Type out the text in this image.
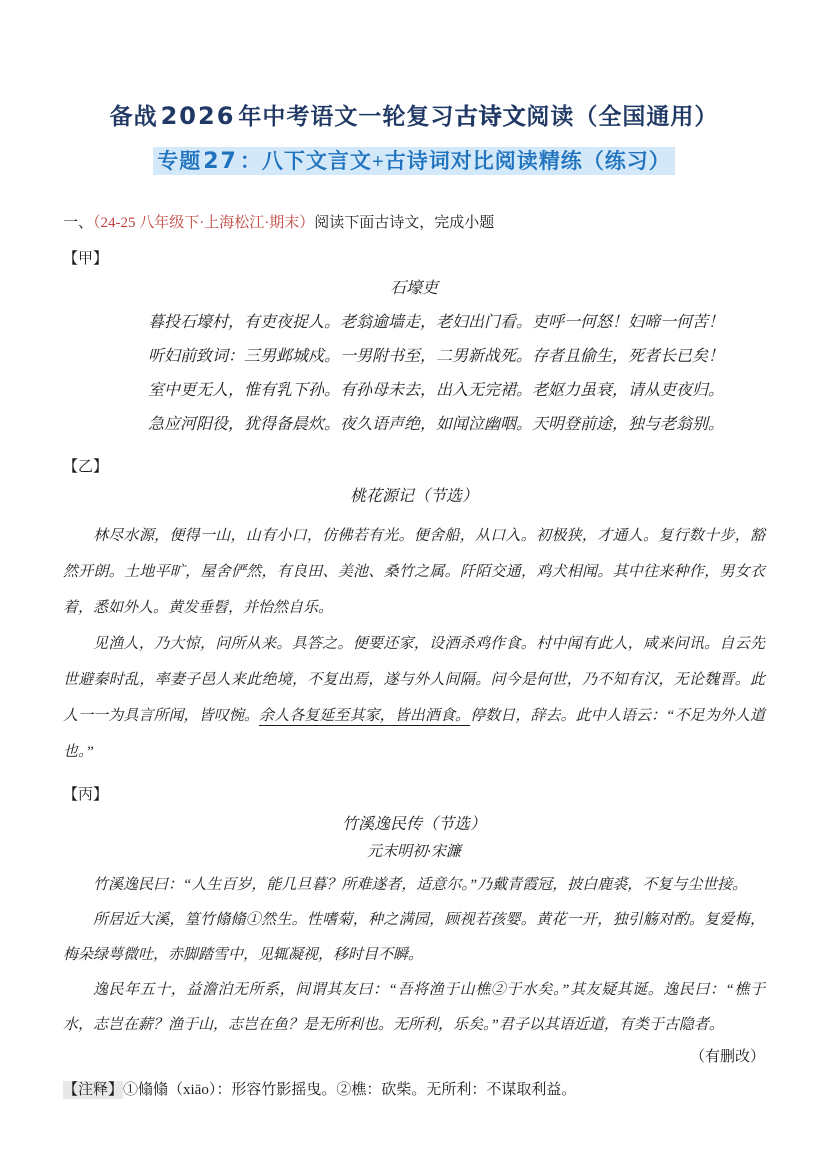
备战 2026 年中考语文一轮复习古诗文阅读（全国通用）
专题27：八下文言文+古诗词对比阅读精练（练习）
一、（24-25 八年级下·上海松江·期末）阅读下面古诗文，完成小题
【甲】
石壕吏
暮投石壕村，有吏夜捉人。老翁逾墙走，老妇出门看。吏呼一何怒！妇啼一何苦！
听妇前致词：三男邺城戍。一男附书至，二男新战死。存者且偷生，死者长已矣！
室中更无人，惟有乳下孙。有孙母未去，出入无完裙。老妪力虽衰，请从吏夜归。
急应河阳役，犹得备晨炊。夜久语声绝，如闻泣幽咽。天明登前途，独与老翁别。
【乙】
桃花源记（节选）

林尽水源，便得一山，山有小口，仿佛若有光。便舍船，从口入。初极狭，才通人。复行数十步，豁然开朗。土地平旷，屋舍俨然，有良田、美池、桑竹之属。阡陌交通，鸡犬相闻。其中往来种作，男女衣着，悉如外人。黄发垂髫，并怡然自乐。

见渔人，乃大惊，问所从来。具答之。便要还家，设酒杀鸡作食。村中闻有此人，咸来问讯。自云先世避秦时乱，率妻子邑人来此绝境，不复出焉，遂与外人间隔。问今是何世，乃不知有汉，无论魏晋。此人一一为具言所闻，皆叹惋。余人各复延至其家，皆出酒食。停数日，辞去。此中人语云：“不足为外人道也。”

【丙】
竹溪逸民传（节选）
元末明初·宋濂

竹溪逸民曰：“人生百岁，能几旦暮？所难遂者，适意尔。”乃戴青霞冠，披白鹿裘，不复与尘世接。

所居近大溪，篁竹翛翛①然生。性嗜菊，种之满园，顾视若孩婴。黄花一开，独引觞对酌。复爱梅，梅朵绿萼微吐，赤脚踏雪中，见辄凝视，移时目不瞬。

逸民年五十，益澹泊无所系，间谓其友曰：“吾将渔于山樵②于水矣。”其友疑其诞。逸民曰：“樵于水，志岂在薪？渔于山，志岂在鱼？是无所利也。无所利，乐矣。”君子以其语近道，有类于古隐者。

（有删改）
【注释】①翛翛（xiāo）：形容竹影摇曳。②樵：砍柴。无所利：不谋取利益。
